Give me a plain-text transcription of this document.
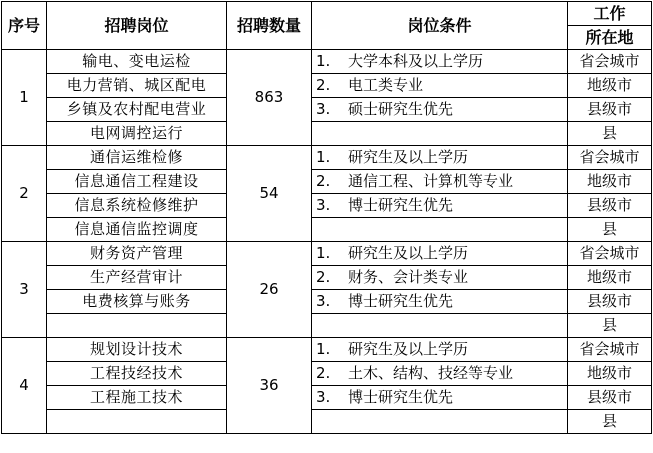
序号	招聘岗位	招聘数量	岗位条件	工作
				所在地
1	输电、变电运检	863	1. 大学本科及以上学历	省会城市
	电力营销、城区配电		2. 电工类专业	地级市
	乡镇及农村配电营业		3. 硕士研究生优先	县级市
	电网调控运行			县
2	通信运维检修	54	1. 研究生及以上学历	省会城市
	信息通信工程建设		2. 通信工程、计算机等专业	地级市
	信息系统检修维护		3. 博士研究生优先	县级市
	信息通信监控调度			县
3	财务资产管理	26	1. 研究生及以上学历	省会城市
	生产经营审计		2. 财务、会计类专业	地级市
	电费核算与账务		3. 博士研究生优先	县级市
				县
4	规划设计技术	36	1. 研究生及以上学历	省会城市
	工程技经技术		2. 土木、结构、技经等专业	地级市
	工程施工技术		3. 博士研究生优先	县级市
				县
